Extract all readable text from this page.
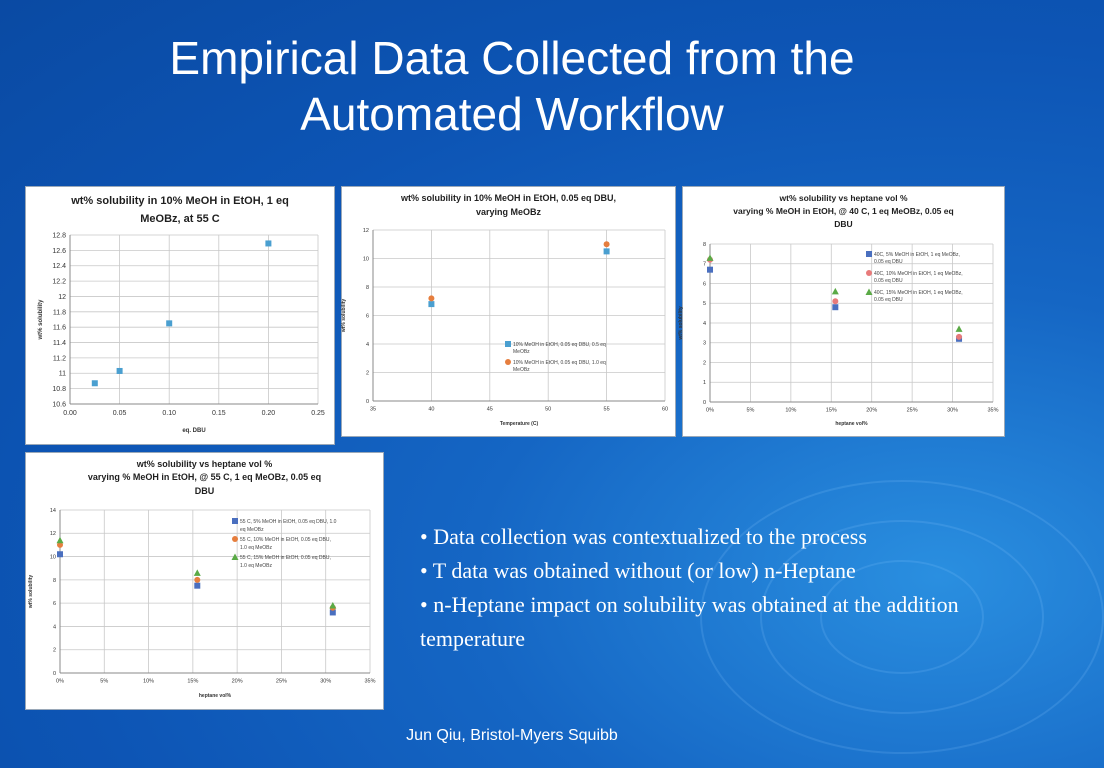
Empirical Data Collected from the
Automated Workflow
wt% solubility in 10% MeOH in EtOH, 1 eq
MeOBz, at 55 C
10.6
10.8
11
11.2
11.4
11.6
11.8
12
12.2
12.4
12.6
12.8
0.00	0.05	0.10	0.15	0.20	0.25
eq. DBU
wt% solubility
wt% solubility in 10% MeOH in EtOH, 0.05 eq DBU,
varying MeOBz
0
2
4
6
8
10
12
35	40	45	50	55	60
Temperature (C)
wt% solubility
10% MeOH in EtOH, 0.05 eq DBU, 0.5 eq
MeOBz
10% MeOH in EtOH, 0.05 eq DBU, 1.0 eq
MeOBz
wt% solubility vs heptane vol %
varying % MeOH in EtOH, @ 40 C, 1 eq MeOBz, 0.05 eq
DBU
0
1
2
3
4
5
6
7
8
0%	5%	10%	15%	20%	25%	30%	35%
heptane vol%
wt% solubility
40C, 5% MeOH in EtOH, 1 eq MeOBz,
0.05 eq DBU
40C, 10% MeOH in EtOH, 1 eq MeOBz,
0.05 eq DBU
40C, 15% MeOH in EtOH, 1 eq MeOBz,
0.05 eq DBU
wt% solubility vs heptane vol %
varying % MeOH in EtOH, @ 55 C, 1 eq MeOBz, 0.05 eq
DBU
0
2
4
6
8
10
12
14
0%	5%	10%	15%	20%	25%	30%	35%
heptane vol%
wt% solubility
55 C, 5% MeOH in EtOH, 0.05 eq DBU, 1.0
eq MeOBz
55 C, 10% MeOH in EtOH, 0.05 eq DBU,
1.0 eq MeOBz
55 C, 15% MeOH in EtOH, 0.05 eq DBU,
1.0 eq MeOBz
• Data collection was contextualized to the process
• T data was obtained without (or low) n-Heptane
• n-Heptane impact on solubility was obtained at the addition temperature
Jun Qiu, Bristol-Myers Squibb
